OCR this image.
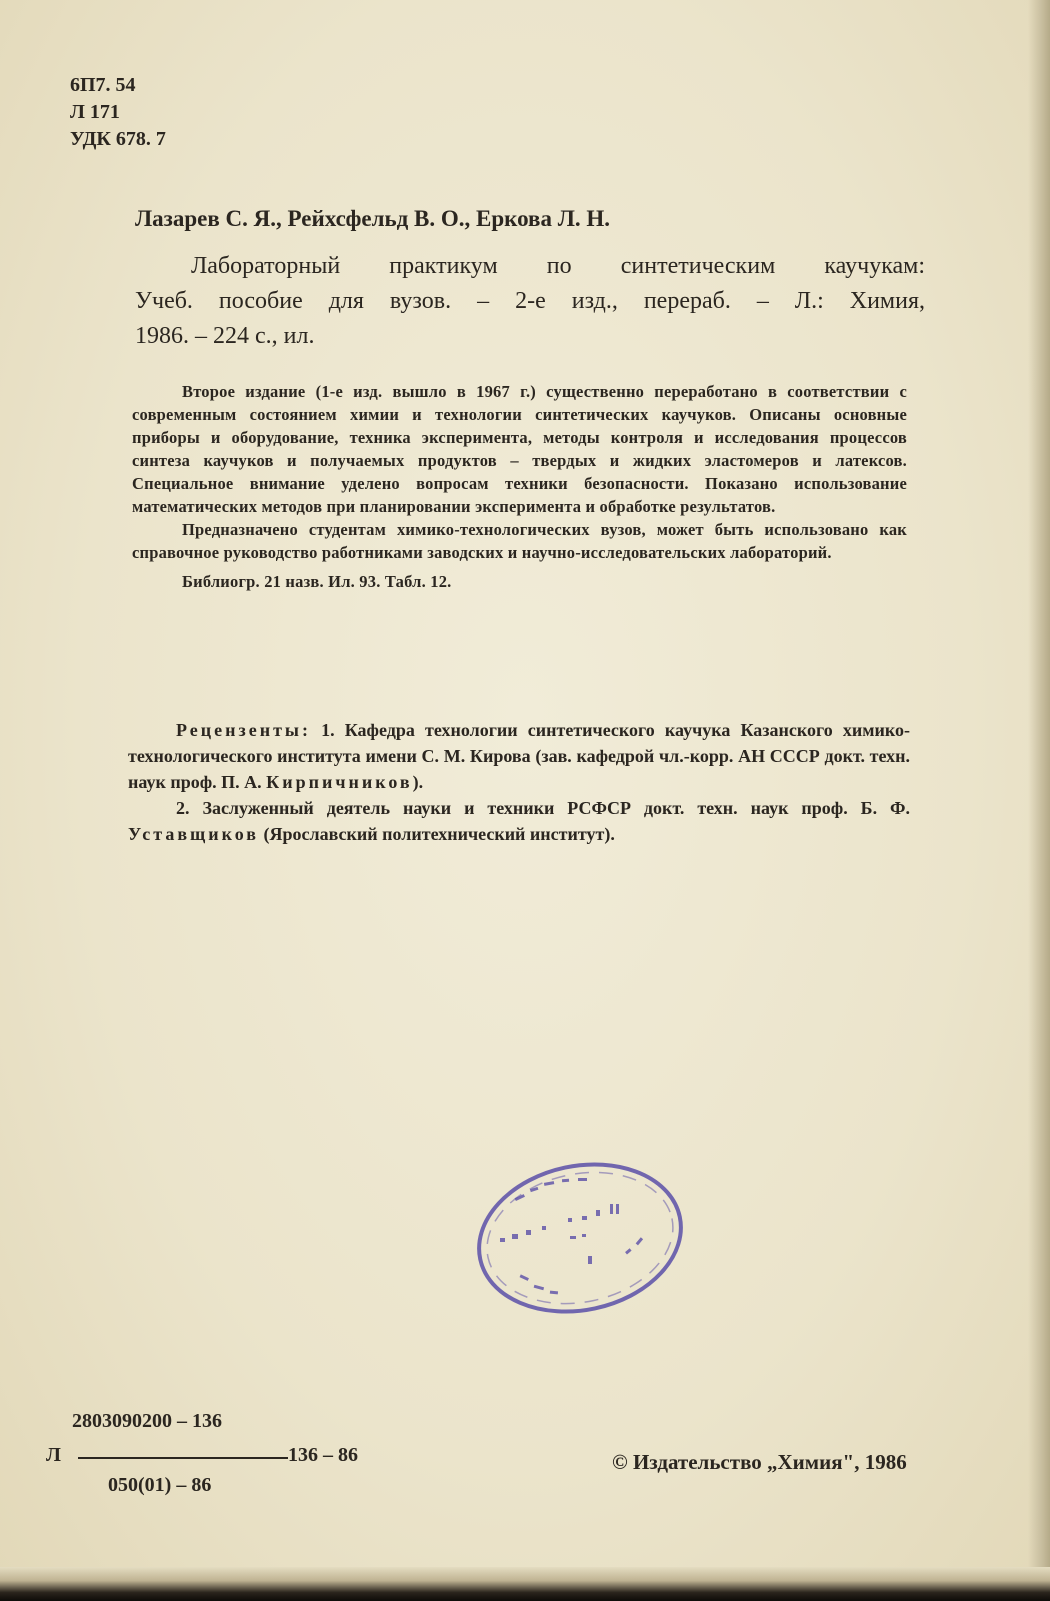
6П7. 54
Л 171
УДК 678. 7
Лазарев С. Я., Рейхсфельд В. О., Еркова Л. Н.
Лабораторный практикум по синтетическим каучукам:
Учеб. пособие для вузов. – 2-е изд., перераб. – Л.: Химия,
1986. – 224 с., ил.

Второе издание (1-е изд. вышло в 1967 г.) существенно переработано в соответствии с современным состоянием химии и технологии синтетических каучуков. Описаны основные приборы и оборудование, техника эксперимента, методы контроля и исследования процессов синтеза каучуков и получаемых продуктов – твердых и жидких эластомеров и латексов. Специальное внимание уделено вопросам техники безопасности. Показано использование математических методов при планировании эксперимента и обработке результатов.

Предназначено студентам химико-технологических вузов, может быть использовано как справочное руководство работниками заводских и научно-исследовательских лабораторий.

Библиогр. 21 назв. Ил. 93. Табл. 12.

Рецензенты: 1. Кафедра технологии синтетического каучука Казанского химико-технологического института имени С. М. Кирова (зав. кафедрой чл.-корр. АН СССР докт. техн. наук проф. П. А. Кирпичников).

2. Заслуженный деятель науки и техники РСФСР докт. техн. наук проф. Б. Ф. Уставщиков (Ярославский политехнический институт).

2803090200 – 136
Л	136 – 86
050(01) – 86
© Издательство „Химия", 1986
